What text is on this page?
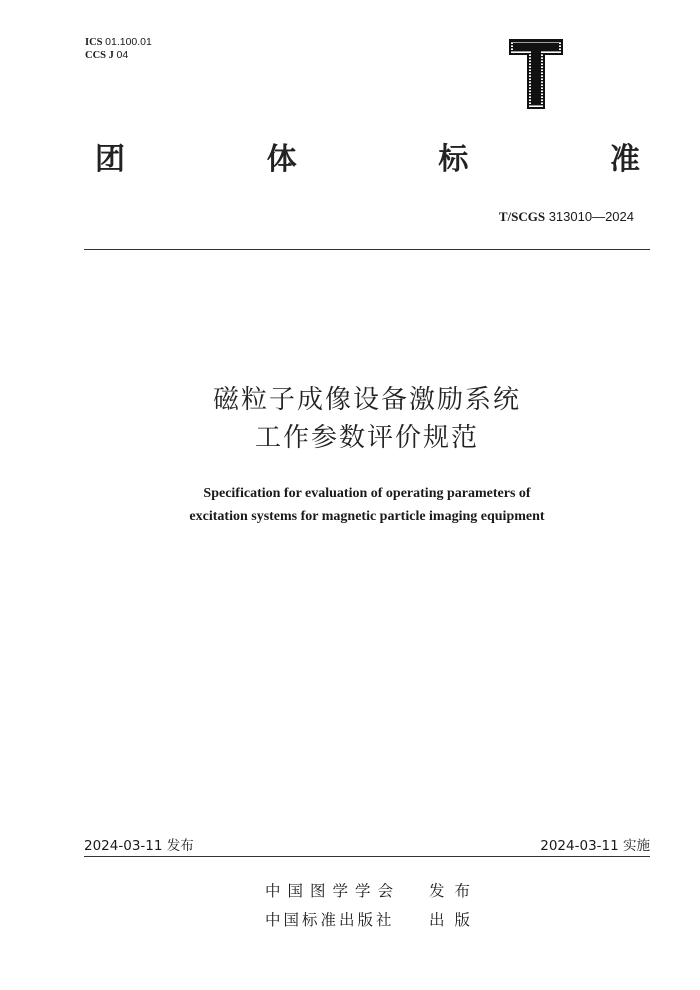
ICS 01.100.01
CCS J 04
团	体	标	准
T/SCGS 313010—2024
磁粒子成像设备激励系统
工作参数评价规范
Specification for evaluation of operating parameters of
excitation systems for magnetic particle imaging equipment
2024-03-11 发布	2024-03-11 实施
中国图学学会	发布
中国标准出版社	出版
